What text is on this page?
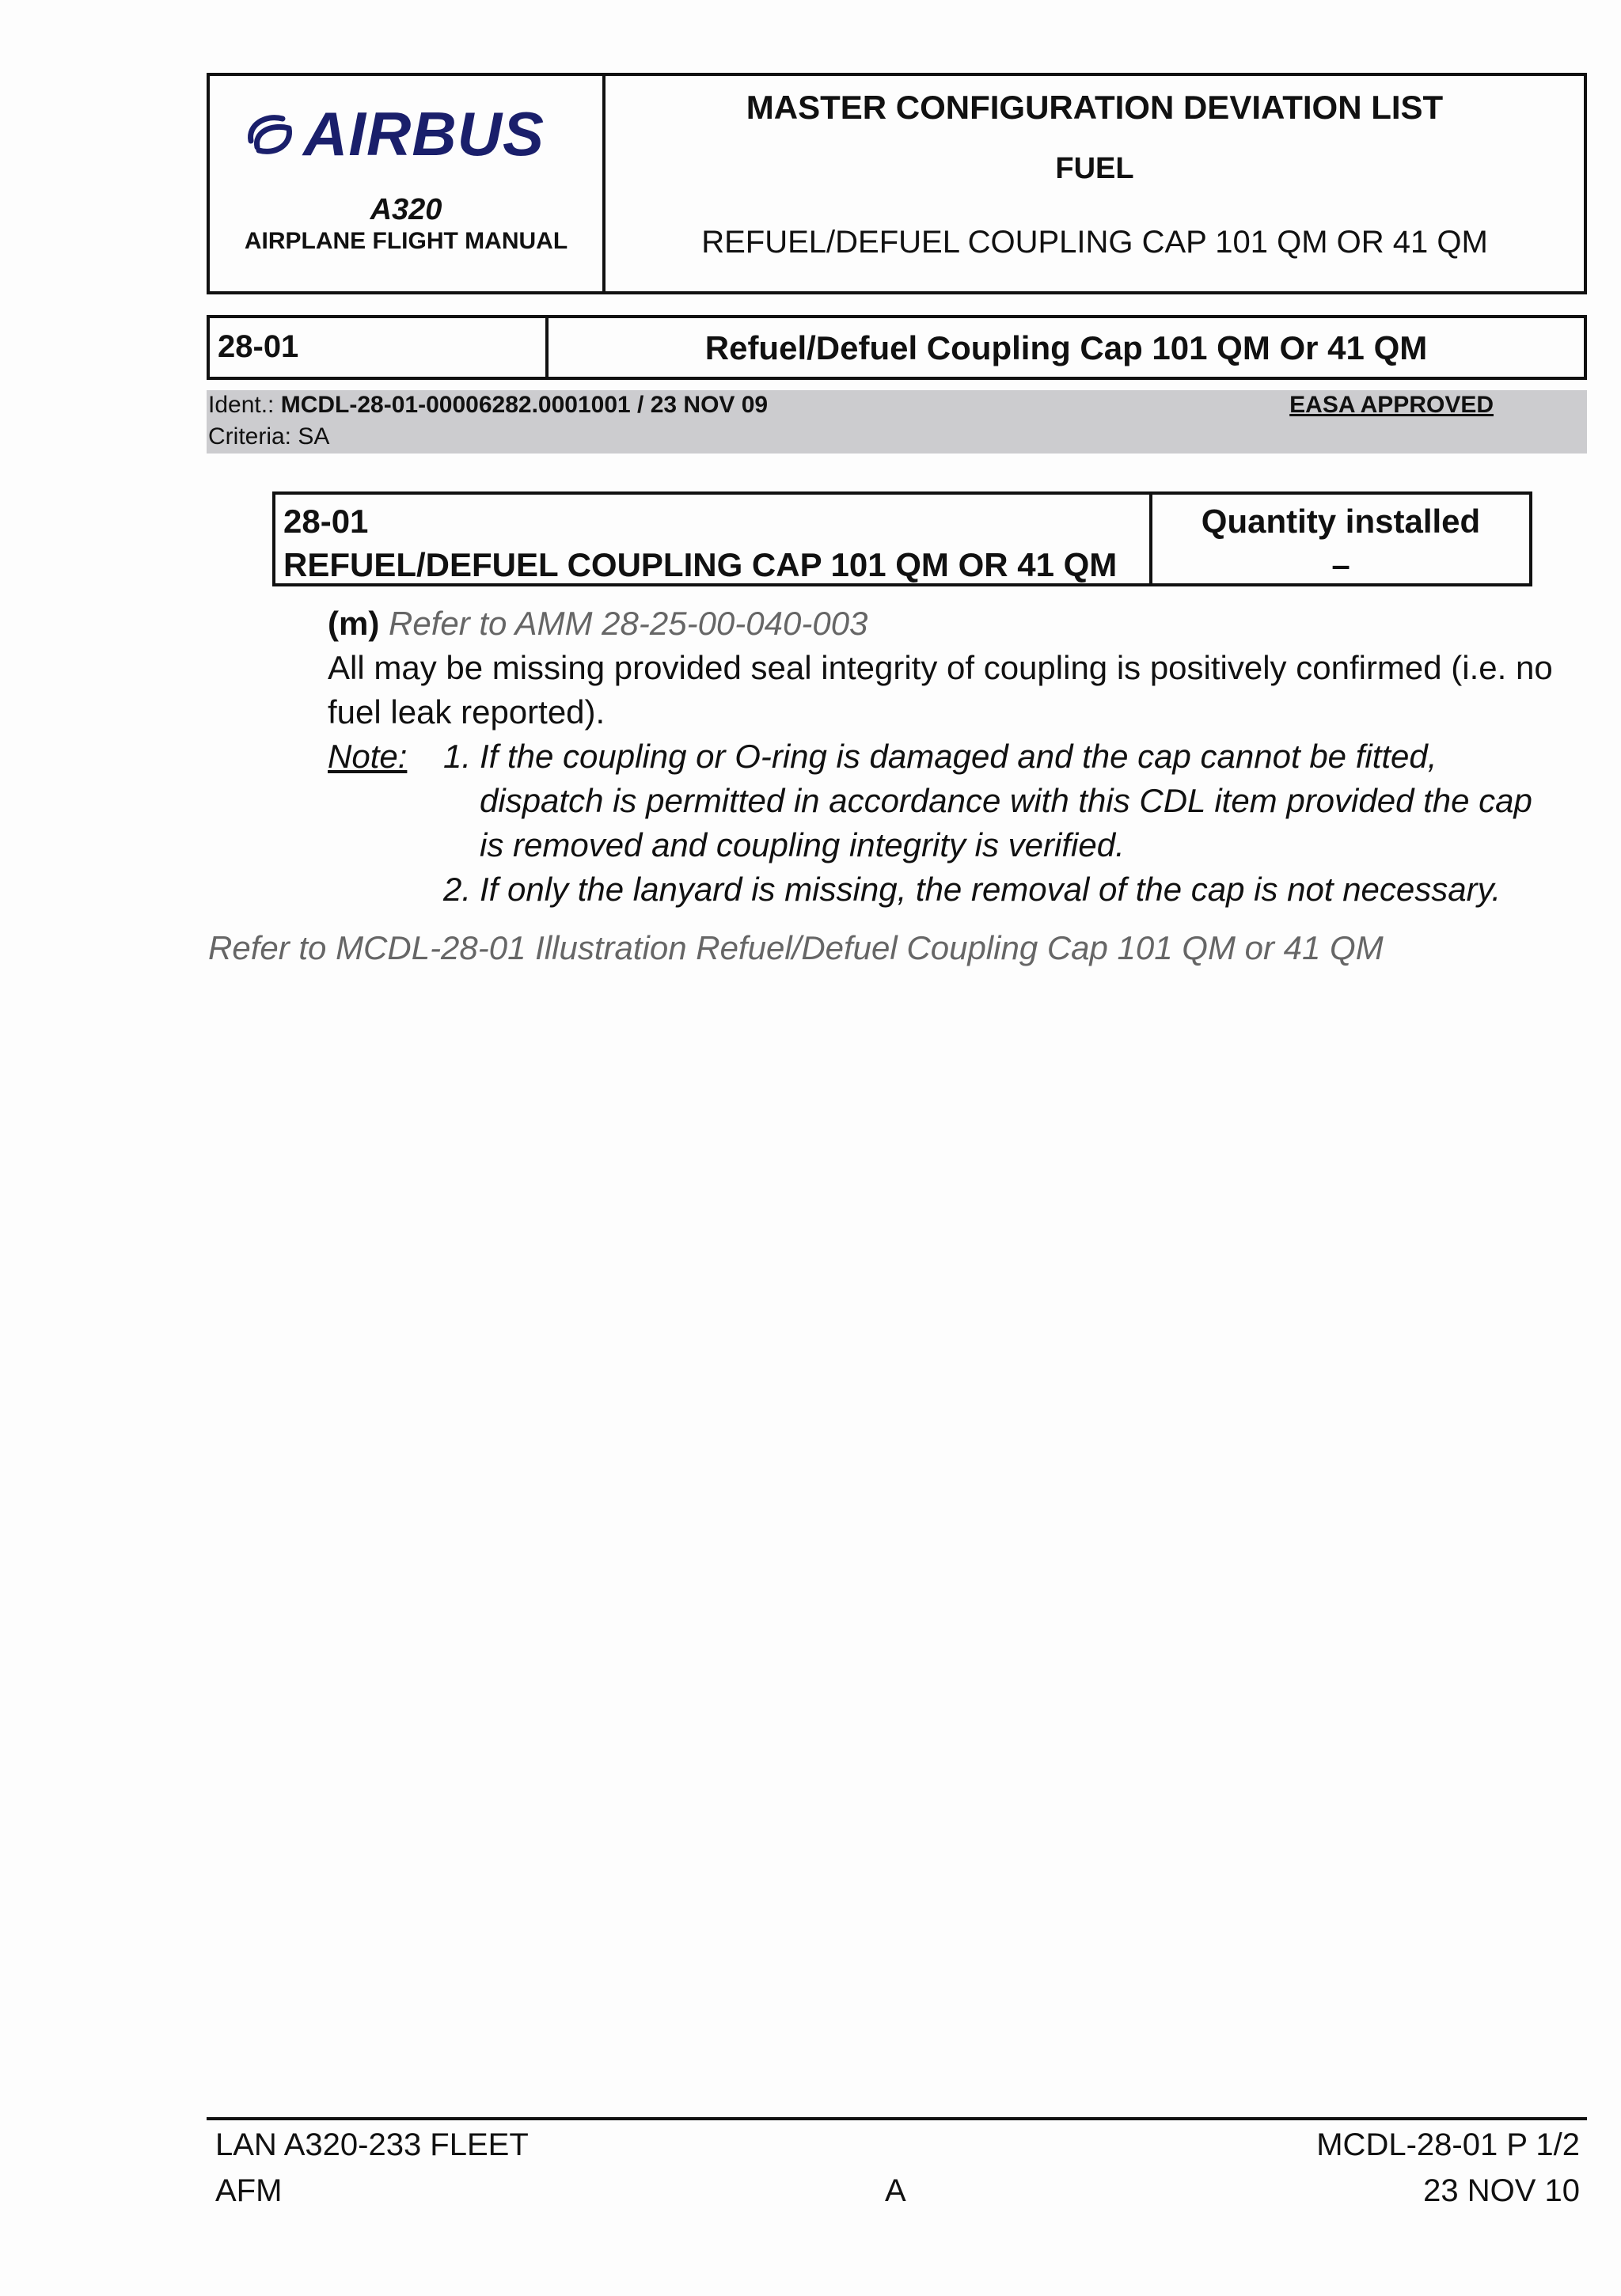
AIRBUS
A320
AIRPLANE FLIGHT MANUAL
MASTER CONFIGURATION DEVIATION LIST
FUEL
REFUEL/DEFUEL COUPLING CAP 101 QM OR 41 QM
28-01	Refuel/Defuel Coupling Cap 101 QM Or 41 QM
Ident.: MCDL-28-01-00006282.0001001 / 23 NOV 09
Criteria: SA
EASA APPROVED
28-01
REFUEL/DEFUEL COUPLING CAP 101 QM OR 41 QM
Quantity installed
–
(m) Refer to AMM 28-25-00-040-003
All may be missing provided seal integrity of coupling is positively confirmed (i.e. no fuel leak reported).
Note: 1. If the coupling or O-ring is damaged and the cap cannot be fitted, dispatch is permitted in accordance with this CDL item provided the cap is removed and coupling integrity is verified.
2. If only the lanyard is missing, the removal of the cap is not necessary.
Refer to MCDL-28-01 Illustration Refuel/Defuel Coupling Cap 101 QM or 41 QM
LAN A320-233 FLEET
AFM	A
MCDL-28-01 P 1/2
23 NOV 10
